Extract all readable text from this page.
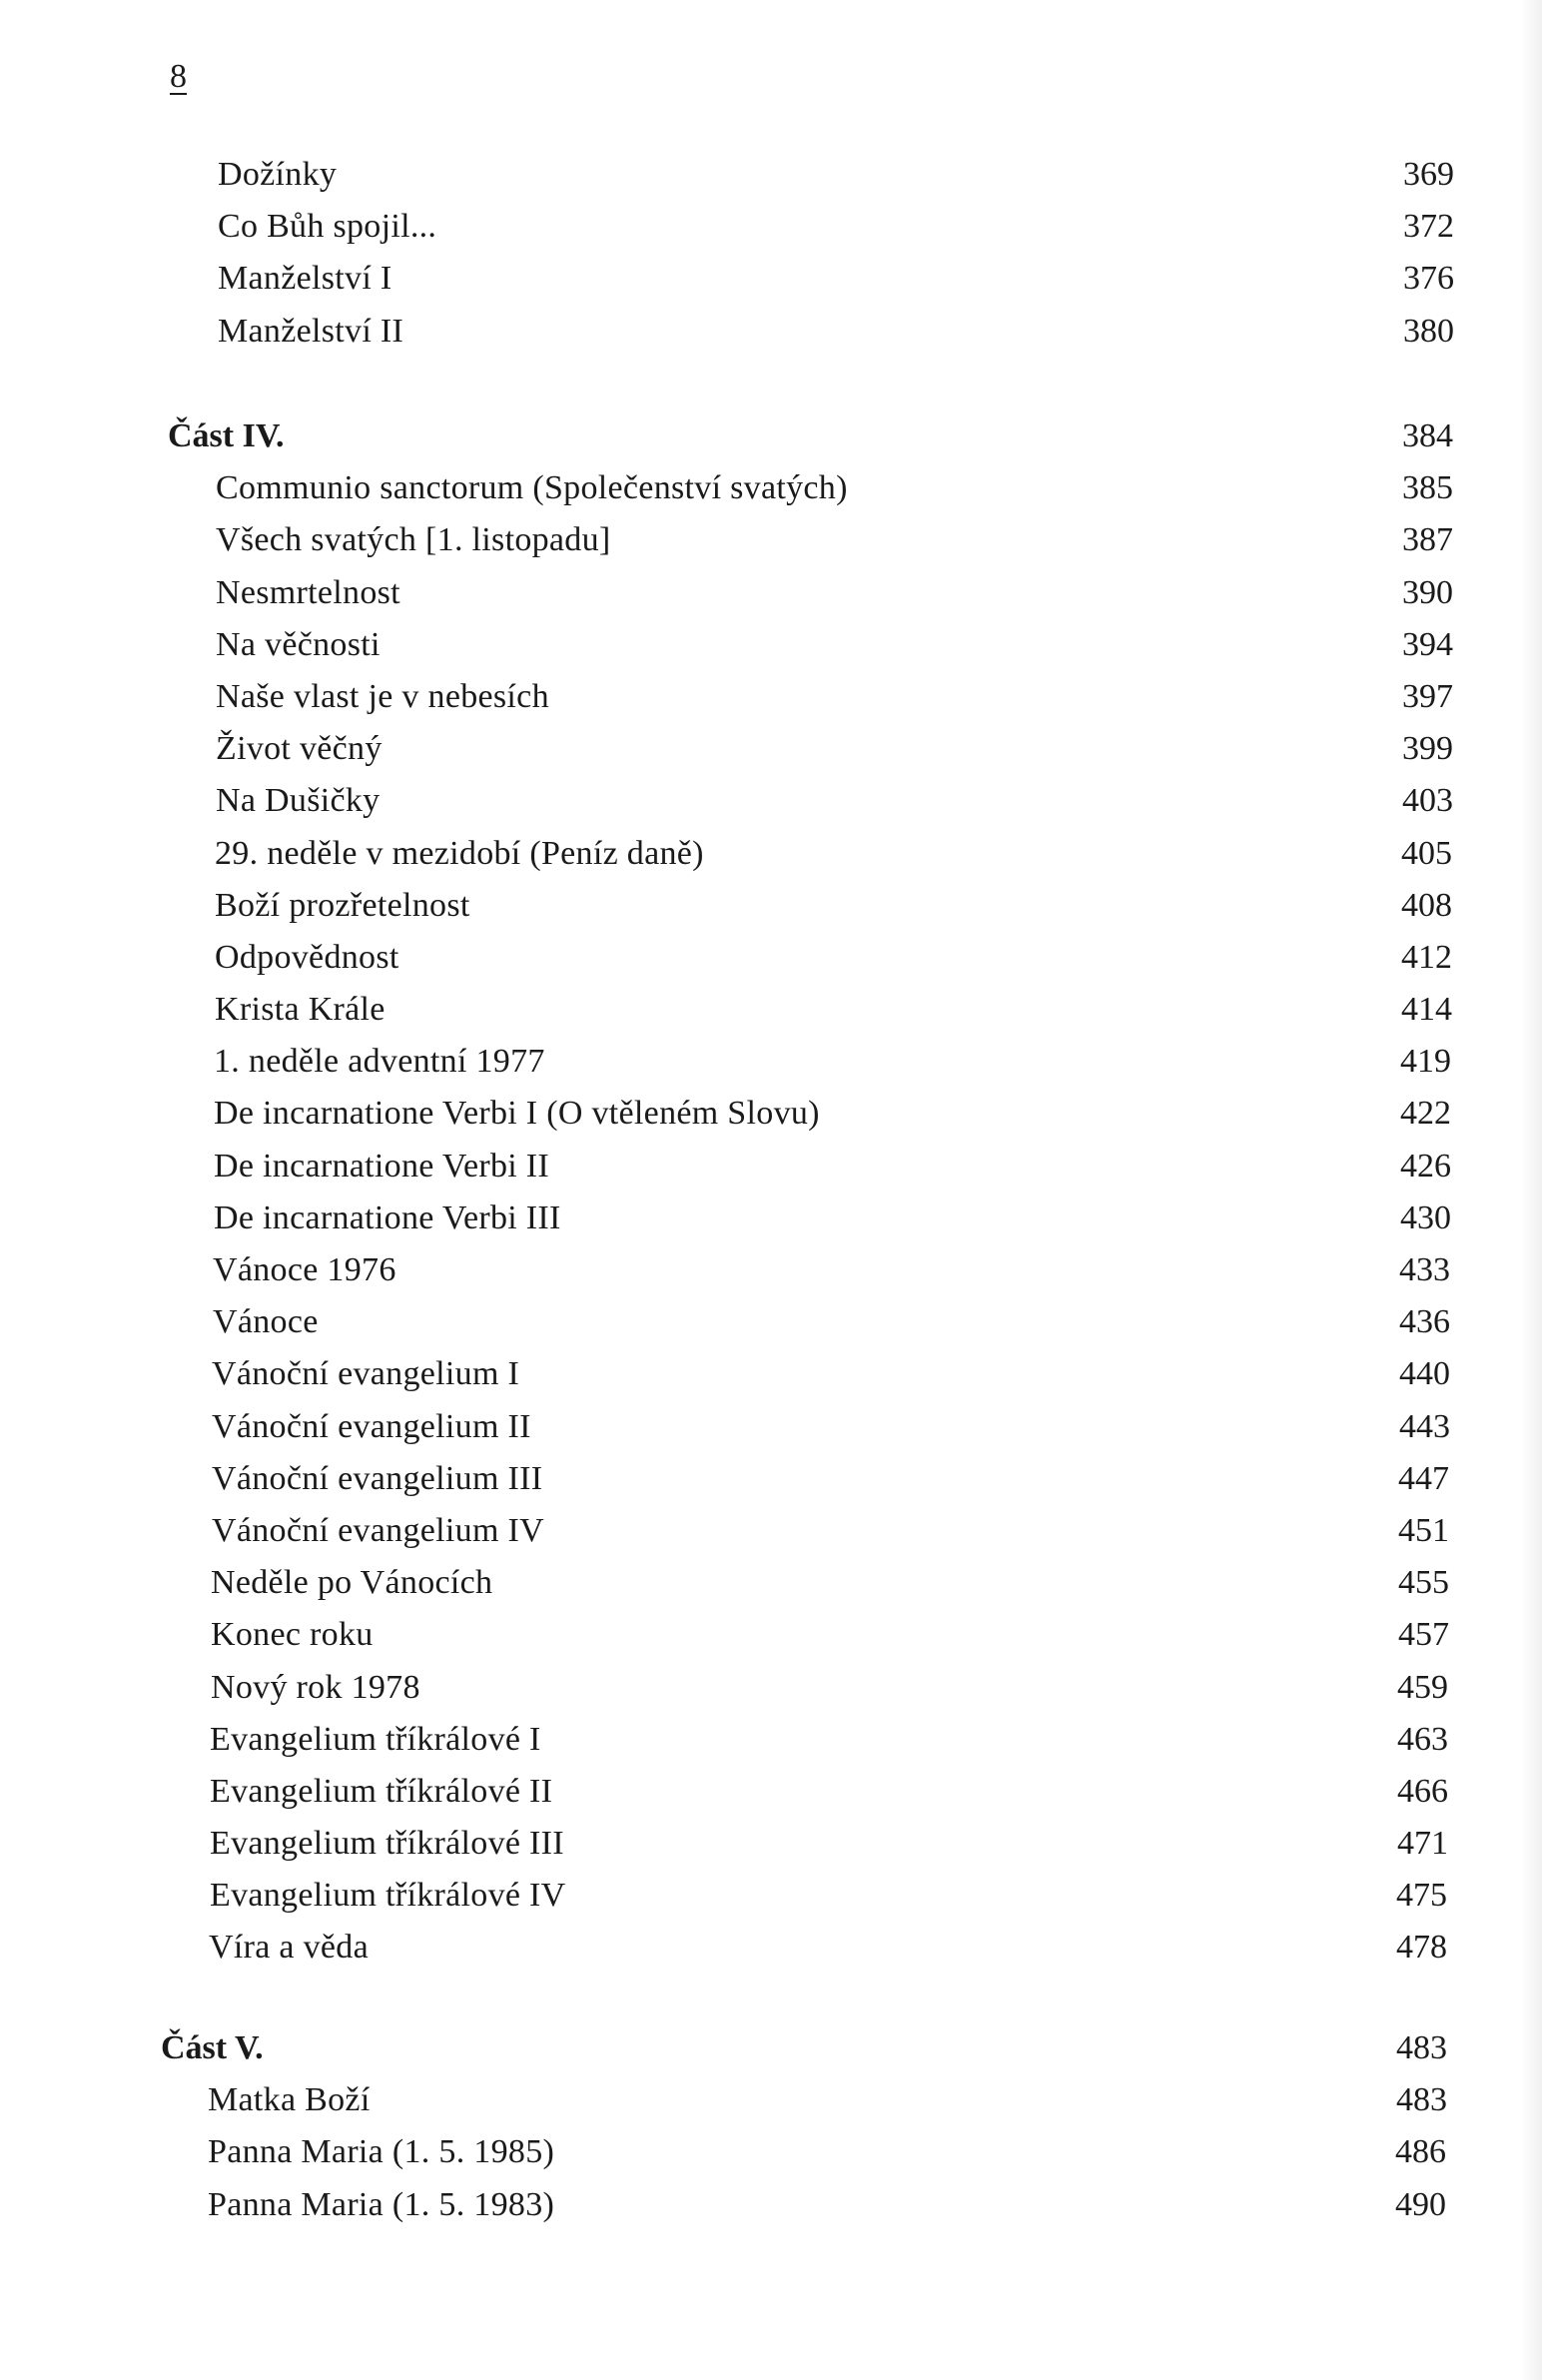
8
Dožínky	369
Co Bůh spojil...	372
Manželství I	376
Manželství II	380
Část IV.	384
Communio sanctorum (Společenství svatých)	385
Všech svatých [1. listopadu]	387
Nesmrtelnost	390
Na věčnosti	394
Naše vlast je v nebesích	397
Život věčný	399
Na Dušičky	403
29. neděle v mezidobí (Peníz daně)	405
Boží prozřetelnost	408
Odpovědnost	412
Krista Krále	414
1. neděle adventní 1977	419
De incarnatione Verbi I (O vtěleném Slovu)	422
De incarnatione Verbi II	426
De incarnatione Verbi III	430
Vánoce 1976	433
Vánoce	436
Vánoční evangelium I	440
Vánoční evangelium II	443
Vánoční evangelium III	447
Vánoční evangelium IV	451
Neděle po Vánocích	455
Konec roku	457
Nový rok 1978	459
Evangelium tříkrálové I	463
Evangelium tříkrálové II	466
Evangelium tříkrálové III	471
Evangelium tříkrálové IV	475
Víra a věda	478
Část V.	483
Matka Boží	483
Panna Maria (1. 5. 1985)	486
Panna Maria (1. 5. 1983)	490
